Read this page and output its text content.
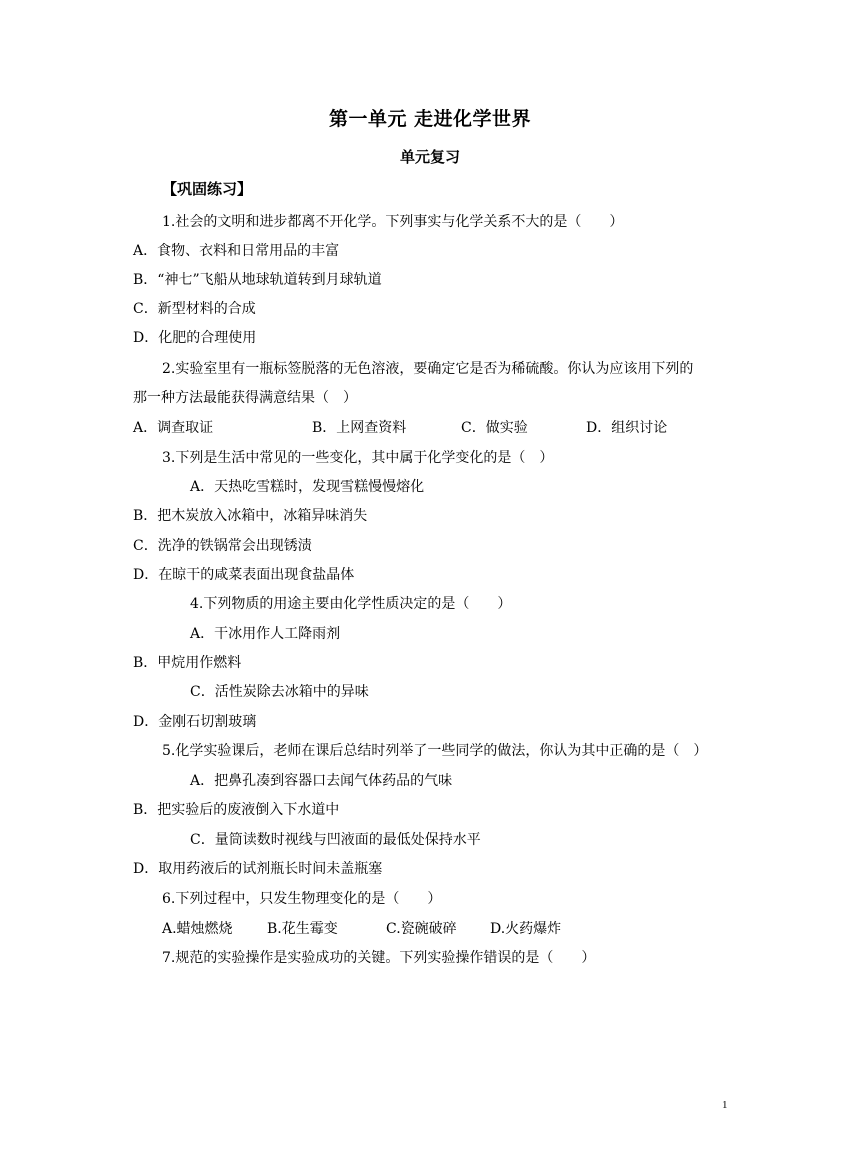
第一单元 走进化学世界
单元复习
【巩固练习】
1.社会的文明和进步都离不开化学。下列事实与化学关系不大的是（　　）
A．食物、衣料和日常用品的丰富
B．“神七”飞船从地球轨道转到月球轨道
C．新型材料的合成
D．化肥的合理使用
2.实验室里有一瓶标签脱落的无色溶液，要确定它是否为稀硫酸。你认为应该用下列的
那一种方法最能获得满意结果（　）
A．调查取证	B．上网查资料	C．做实验	D．组织讨论
3.下列是生活中常见的一些变化，其中属于化学变化的是（　）
A．天热吃雪糕时，发现雪糕慢慢熔化
B．把木炭放入冰箱中，冰箱异味消失
C．洗净的铁锅常会出现锈渍
D．在晾干的咸菜表面出现食盐晶体
4.下列物质的用途主要由化学性质决定的是（　　）
A．干冰用作人工降雨剂
B．甲烷用作燃料
C．活性炭除去冰箱中的异味
D．金刚石切割玻璃
5.化学实验课后，老师在课后总结时列举了一些同学的做法，你认为其中正确的是（　）
A．把鼻孔凑到容器口去闻气体药品的气味
B．把实验后的废液倒入下水道中
C．量筒读数时视线与凹液面的最低处保持水平
D．取用药液后的试剂瓶长时间未盖瓶塞
6.下列过程中，只发生物理变化的是（　　）
A.蜡烛燃烧 B.花生霉变	C.瓷碗破碎 D.火药爆炸
7.规范的实验操作是实验成功的关键。下列实验操作错误的是（　　）
1
